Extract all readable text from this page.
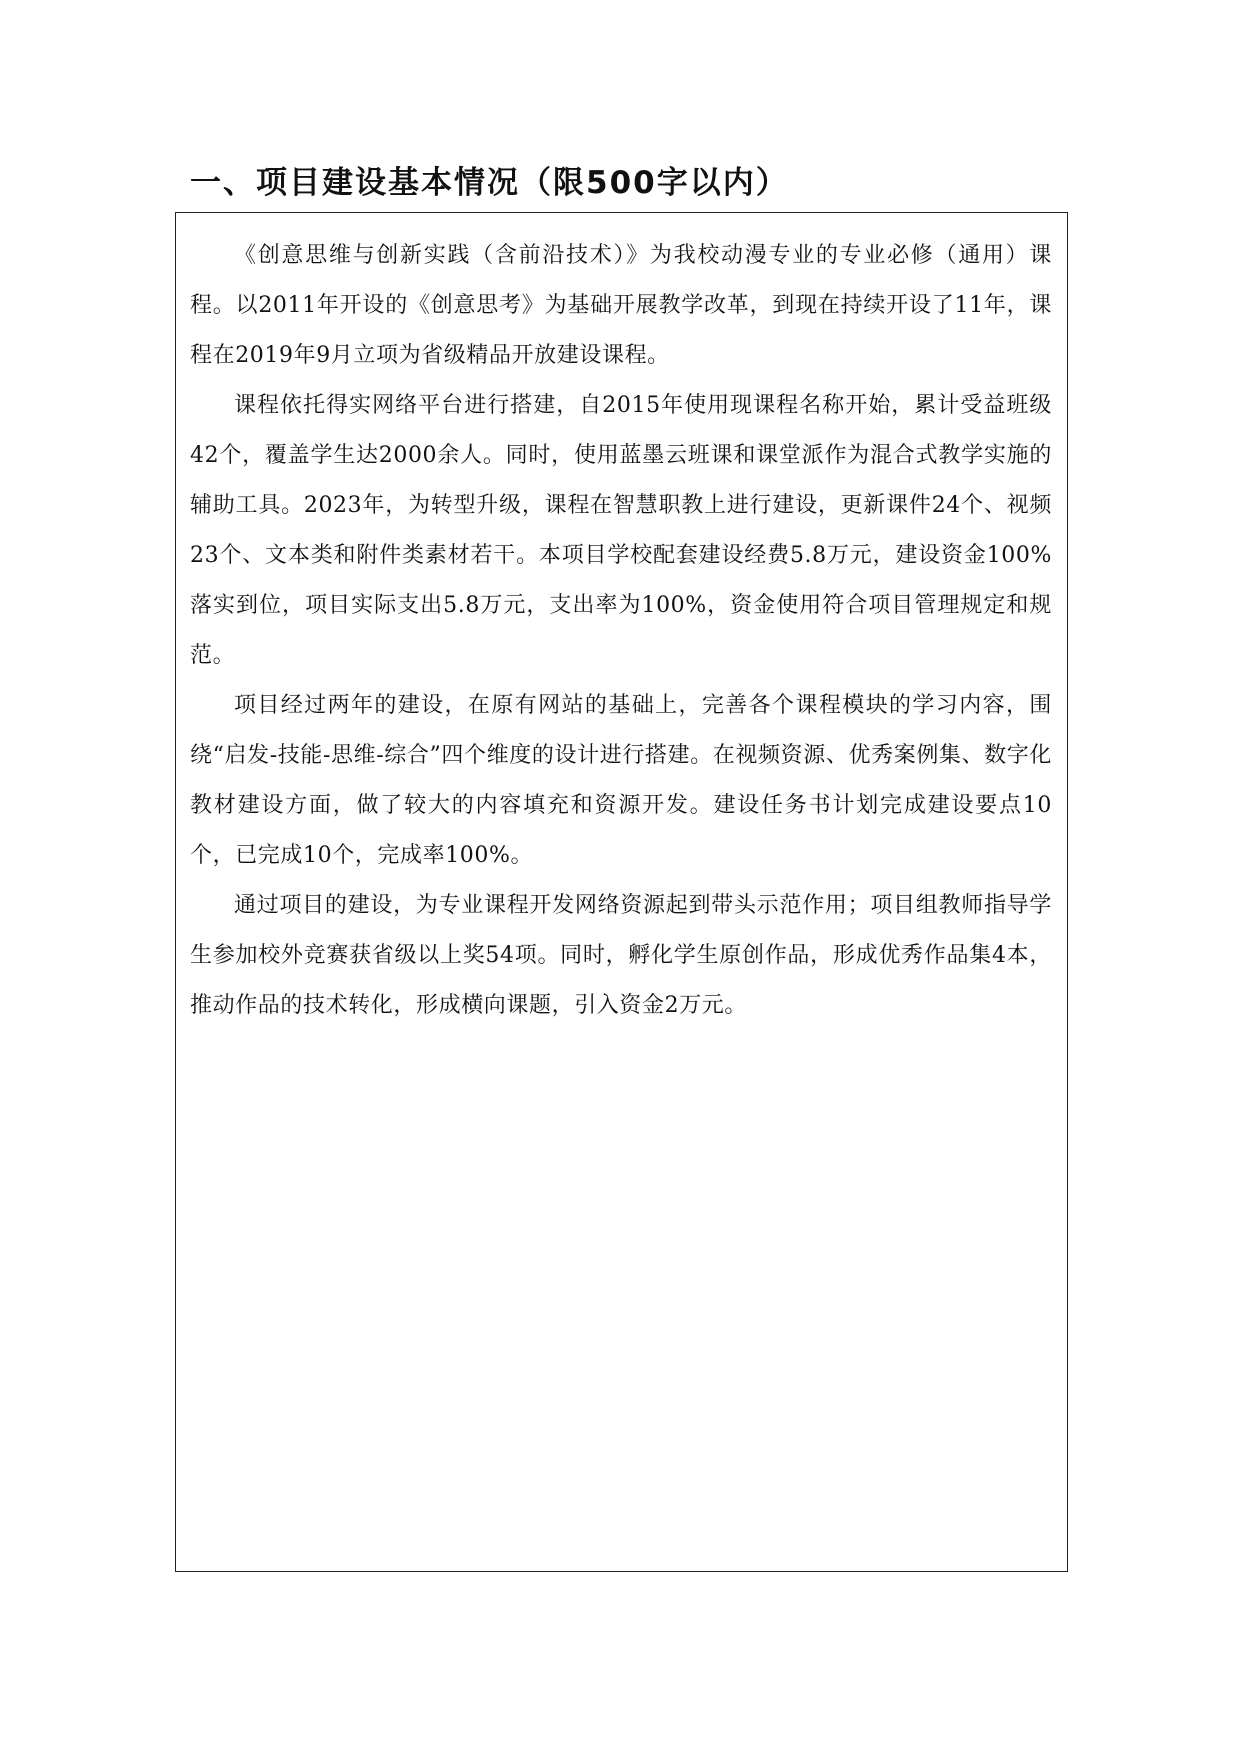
一、项目建设基本情况（限500字以内）

《创意思维与创新实践（含前沿技术）》为我校动漫专业的专业必修（通用）课程。以2011年开设的《创意思考》为基础开展教学改革，到现在持续开设了11年，课程在2019年9月立项为省级精品开放建设课程。

课程依托得实网络平台进行搭建，自2015年使用现课程名称开始，累计受益班级42个，覆盖学生达2000余人。同时，使用蓝墨云班课和课堂派作为混合式教学实施的辅助工具。2023年，为转型升级，课程在智慧职教上进行建设，更新课件24个、视频23个、文本类和附件类素材若干。本项目学校配套建设经费5.8万元，建设资金100%落实到位，项目实际支出5.8万元，支出率为100%，资金使用符合项目管理规定和规范。

项目经过两年的建设，在原有网站的基础上，完善各个课程模块的学习内容，围绕“启发-技能-思维-综合”四个维度的设计进行搭建。在视频资源、优秀案例集、数字化教材建设方面，做了较大的内容填充和资源开发。建设任务书计划完成建设要点10个，已完成10个，完成率100%。

通过项目的建设，为专业课程开发网络资源起到带头示范作用；项目组教师指导学生参加校外竞赛获省级以上奖54项。同时，孵化学生原创作品，形成优秀作品集4本，推动作品的技术转化，形成横向课题，引入资金2万元。
